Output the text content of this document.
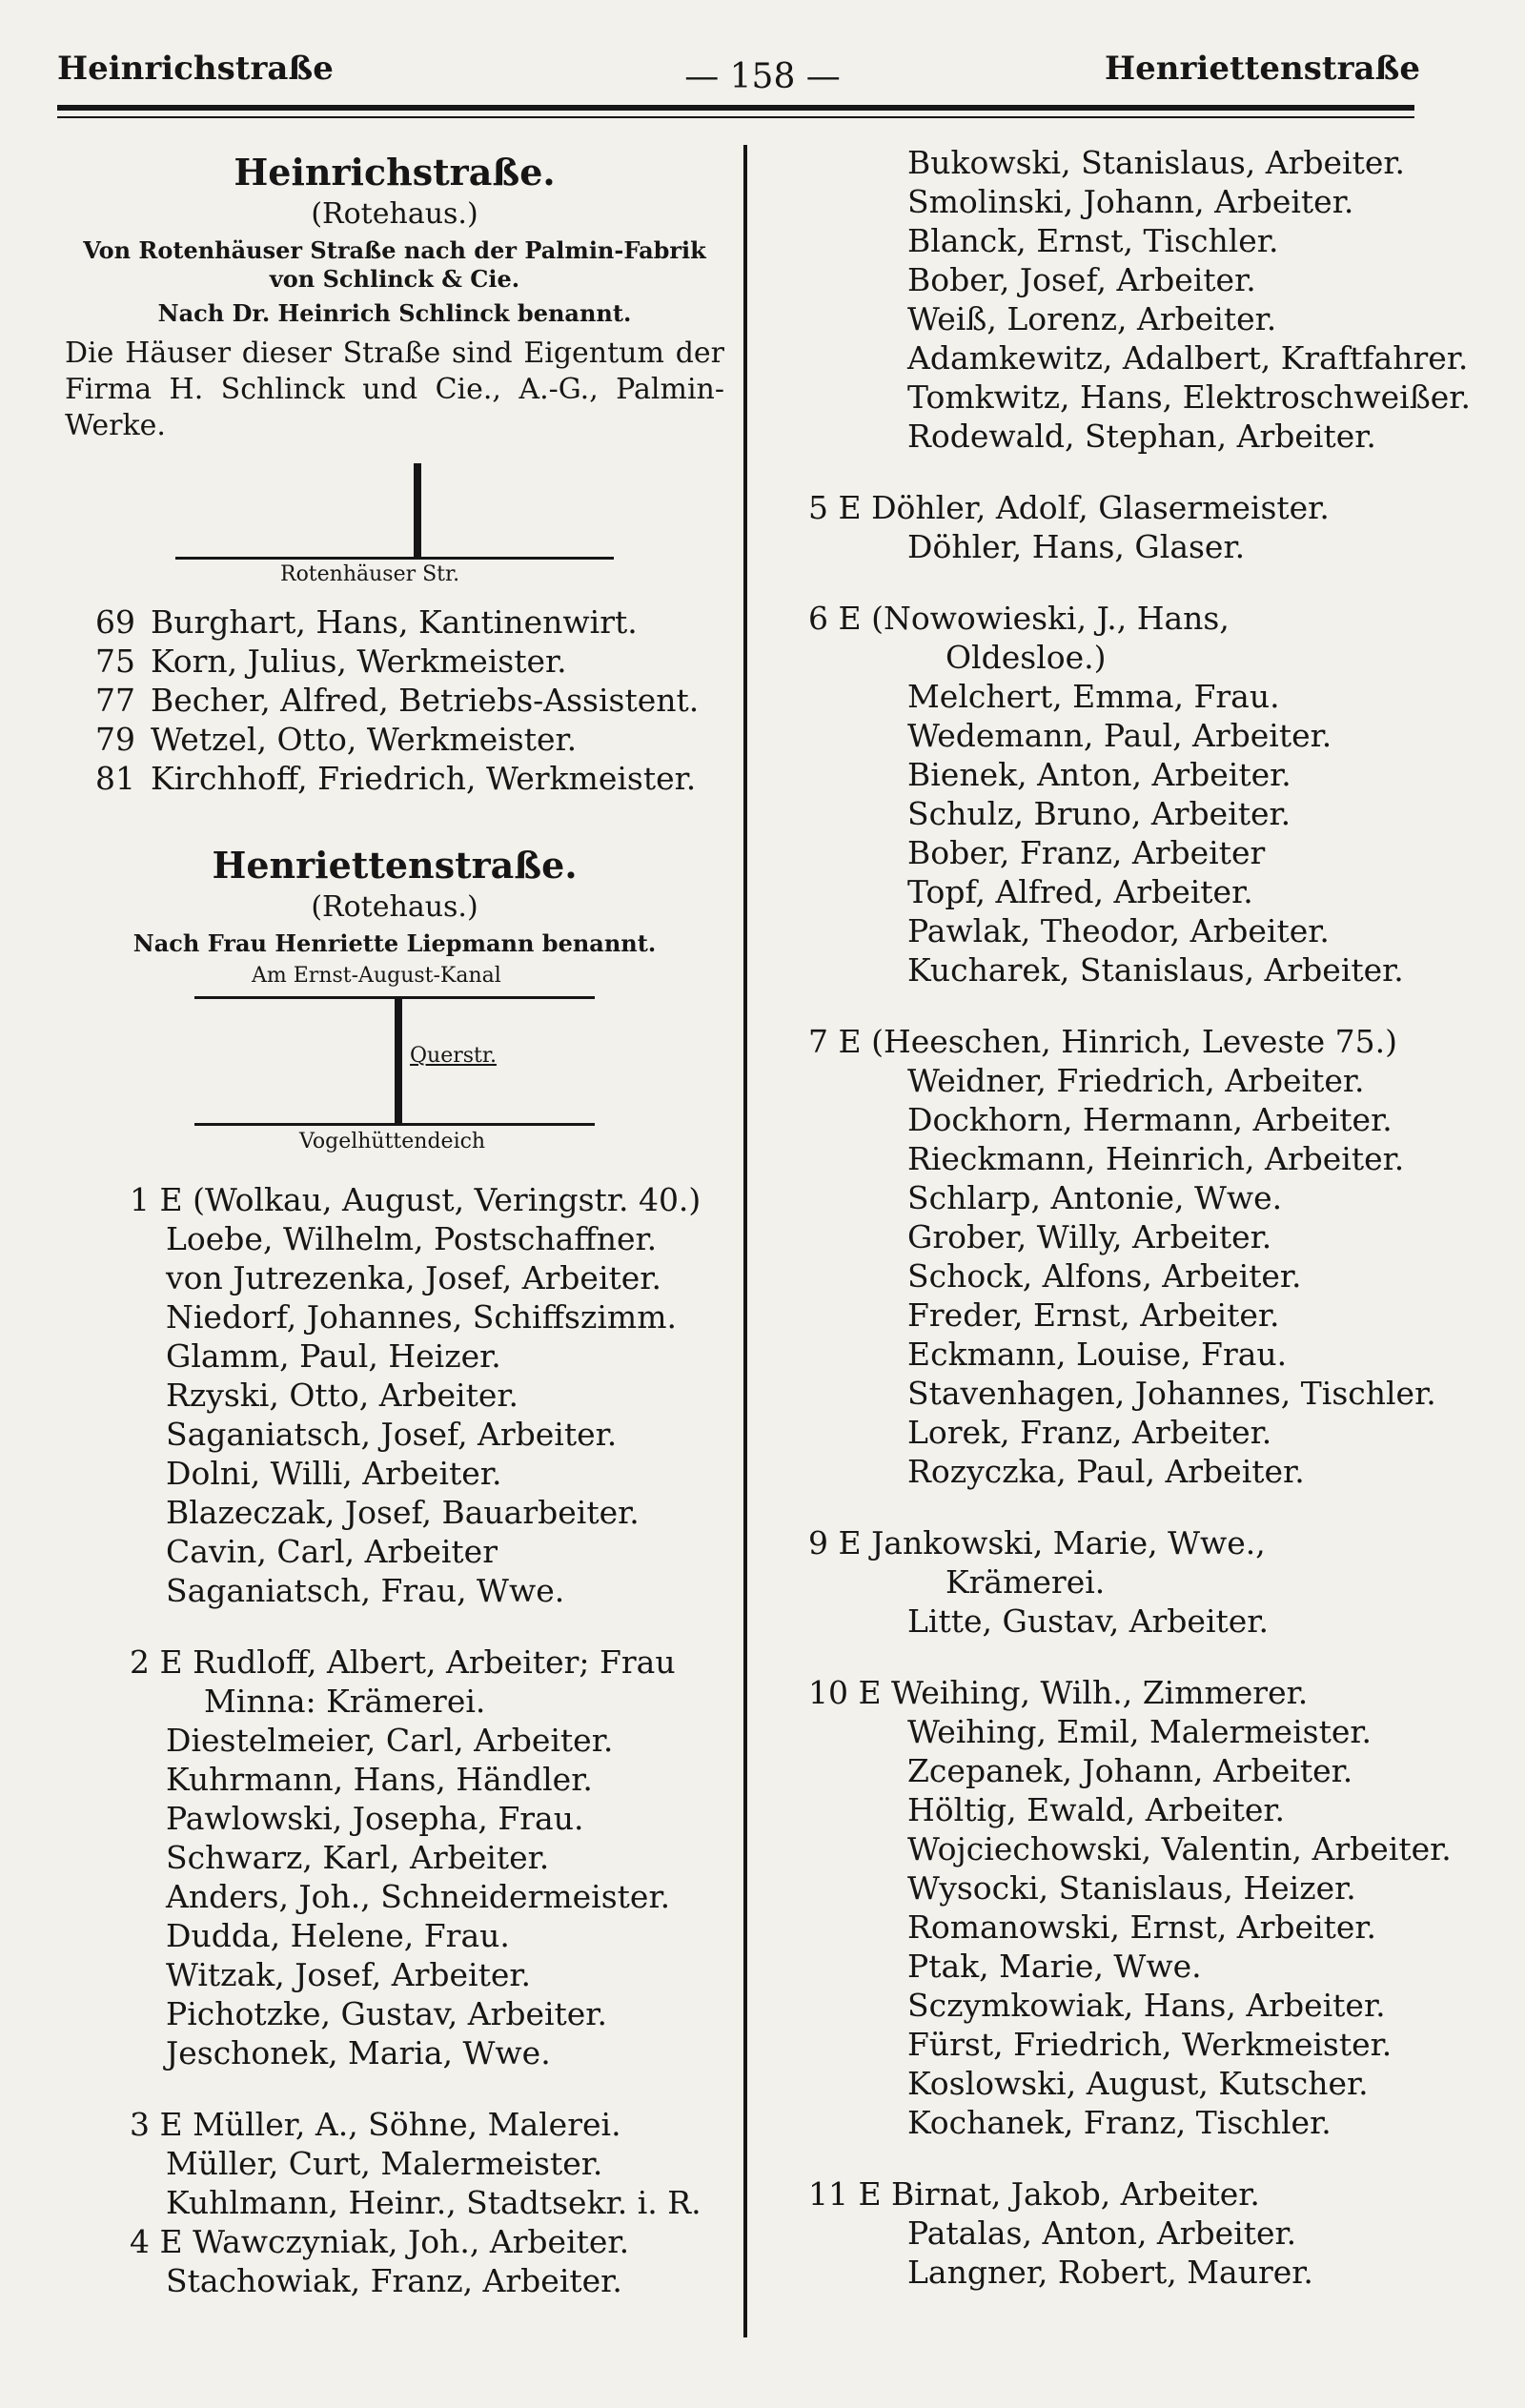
Heinrichstraße	— 158 —	Henriettenstraße
Heinrichstraße.
(Rotehaus.)
Von Rotenhäuser Straße nach der Palmin-Fabrik von Schlinck & Cie.
Nach Dr. Heinrich Schlinck benannt.
Die Häuser dieser Straße sind Eigentum der Firma H. Schlinck und Cie., A.-G., Palmin-Werke.
Rotenhäuser Str.
69 Burghart, Hans, Kantinenwirt.
75 Korn, Julius, Werkmeister.
77 Becher, Alfred, Betriebs-Assistent.
79 Wetzel, Otto, Werkmeister.
81 Kirchhoff, Friedrich, Werkmeister.
Henriettenstraße.
(Rotehaus.)
Nach Frau Henriette Liepmann benannt.
Am Ernst-August-Kanal
Querstr.
Vogelhüttendeich
1 E (Wolkau, August, Veringstr. 40.)
Loebe, Wilhelm, Postschaffner.
von Jutrezenka, Josef, Arbeiter.
Niedorf, Johannes, Schiffszimm.
Glamm, Paul, Heizer.
Rzyski, Otto, Arbeiter.
Saganiatsch, Josef, Arbeiter.
Dolni, Willi, Arbeiter.
Blazeczak, Josef, Bauarbeiter.
Cavin, Carl, Arbeiter
Saganiatsch, Frau, Wwe.
2 E Rudloff, Albert, Arbeiter; Frau
Minna: Krämerei.
Diestelmeier, Carl, Arbeiter.
Kuhrmann, Hans, Händler.
Pawlowski, Josepha, Frau.
Schwarz, Karl, Arbeiter.
Anders, Joh., Schneidermeister.
Dudda, Helene, Frau.
Witzak, Josef, Arbeiter.
Pichotzke, Gustav, Arbeiter.
Jeschonek, Maria, Wwe.
3 E Müller, A., Söhne, Malerei.
Müller, Curt, Malermeister.
Kuhlmann, Heinr., Stadtsekr. i. R.
4 E Wawczyniak, Joh., Arbeiter.
Stachowiak, Franz, Arbeiter.
Bukowski, Stanislaus, Arbeiter.
Smolinski, Johann, Arbeiter.
Blanck, Ernst, Tischler.
Bober, Josef, Arbeiter.
Weiß, Lorenz, Arbeiter.
Adamkewitz, Adalbert, Kraftfahrer.
Tomkwitz, Hans, Elektroschweißer.
Rodewald, Stephan, Arbeiter.
5 E Döhler, Adolf, Glasermeister.
Döhler, Hans, Glaser.
6 E (Nowowieski, J., Hans,
Oldesloe.)
Melchert, Emma, Frau.
Wedemann, Paul, Arbeiter.
Bienek, Anton, Arbeiter.
Schulz, Bruno, Arbeiter.
Bober, Franz, Arbeiter
Topf, Alfred, Arbeiter.
Pawlak, Theodor, Arbeiter.
Kucharek, Stanislaus, Arbeiter.
7 E (Heeschen, Hinrich, Leveste 75.)
Weidner, Friedrich, Arbeiter.
Dockhorn, Hermann, Arbeiter.
Rieckmann, Heinrich, Arbeiter.
Schlarp, Antonie, Wwe.
Grober, Willy, Arbeiter.
Schock, Alfons, Arbeiter.
Freder, Ernst, Arbeiter.
Eckmann, Louise, Frau.
Stavenhagen, Johannes, Tischler.
Lorek, Franz, Arbeiter.
Rozyczka, Paul, Arbeiter.
9 E Jankowski, Marie, Wwe.,
Krämerei.
Litte, Gustav, Arbeiter.
10 E Weihing, Wilh., Zimmerer.
Weihing, Emil, Malermeister.
Zcepanek, Johann, Arbeiter.
Höltig, Ewald, Arbeiter.
Wojciechowski, Valentin, Arbeiter.
Wysocki, Stanislaus, Heizer.
Romanowski, Ernst, Arbeiter.
Ptak, Marie, Wwe.
Sczymkowiak, Hans, Arbeiter.
Fürst, Friedrich, Werkmeister.
Koslowski, August, Kutscher.
Kochanek, Franz, Tischler.
11 E Birnat, Jakob, Arbeiter.
Patalas, Anton, Arbeiter.
Langner, Robert, Maurer.
